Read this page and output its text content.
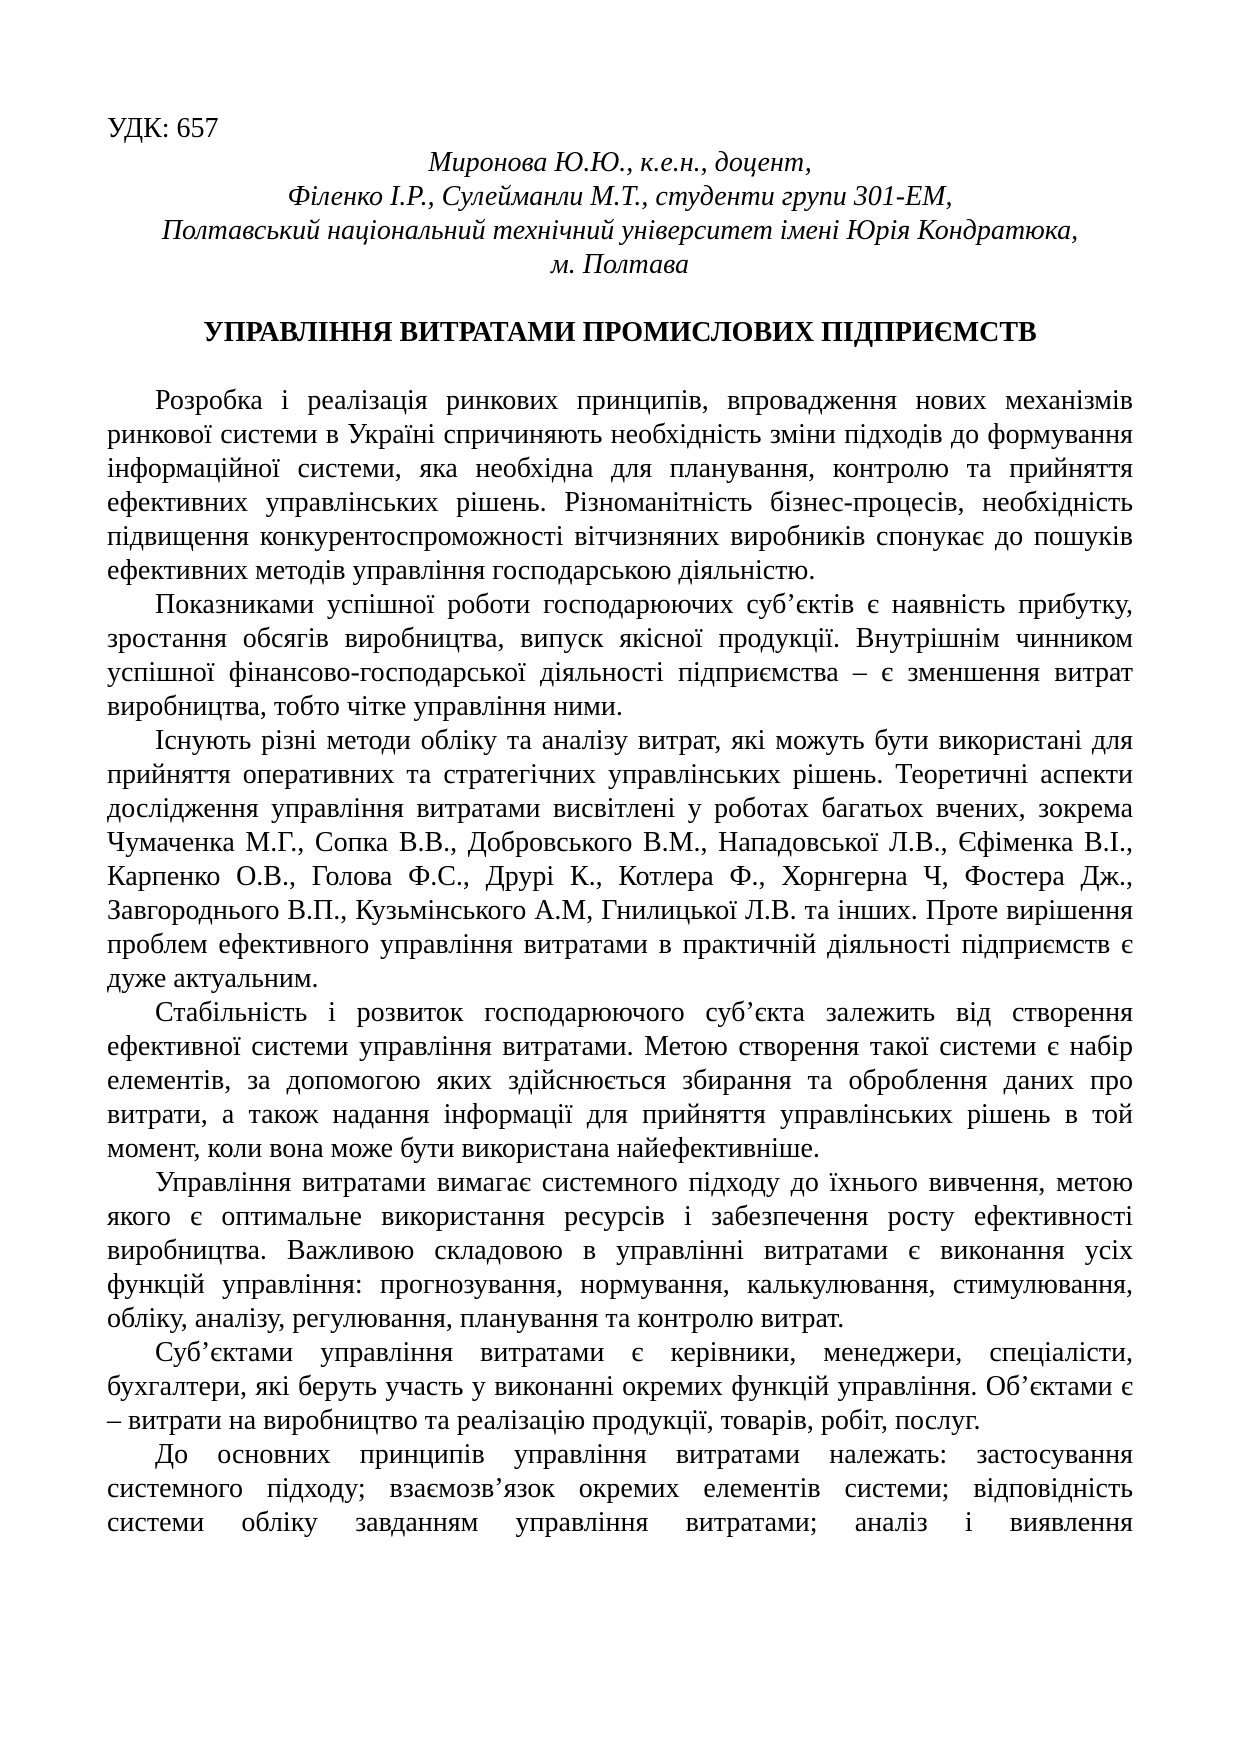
УДК: 657
Миронова Ю.Ю., к.е.н., доцент,
Філенко І.Р., Сулейманли М.Т., студенти групи 301-ЕМ,
Полтавський національний технічний університет імені Юрія Кондратюка,
м. Полтава
УПРАВЛІННЯ ВИТРАТАМИ ПРОМИСЛОВИХ ПІДПРИЄМСТВ

Розробка і реалізація ринкових принципів, впровадження нових механізмів ринкової системи в Україні спричиняють необхідність зміни підходів до формування інформаційної системи, яка необхідна для планування, контролю та прийняття ефективних управлінських рішень. Різноманітність бізнес-процесів, необхідність підвищення конкурентоспроможності вітчизняних виробників спонукає до пошуків ефективних методів управління господарською діяльністю.

Показниками успішної роботи господарюючих суб’єктів є наявність прибутку, зростання обсягів виробництва, випуск якісної продукції. Внутрішнім чинником успішної фінансово-господарської діяльності підприємства – є зменшення витрат виробництва, тобто чітке управління ними.

Існують різні методи обліку та аналізу витрат, які можуть бути використані для прийняття оперативних та стратегічних управлінських рішень. Теоретичні аспекти дослідження управління витратами висвітлені у роботах багатьох вчених, зокрема Чумаченка М.Г., Сопка В.В., Добровського В.М., Нападовської Л.В., Єфіменка В.І., Карпенко О.В., Голова Ф.С., Друрі К., Котлера Ф., Хорнгерна Ч, Фостера Дж., Завгороднього В.П., Кузьмінського А.М, Гнилицької Л.В. та інших. Проте вирішення проблем ефективного управління витратами в практичній діяльності підприємств є дуже актуальним.

Стабільність і розвиток господарюючого суб’єкта залежить від створення ефективної системи управління витратами. Метою створення такої системи є набір елементів, за допомогою яких здійснюється збирання та оброблення даних про витрати, а також надання інформації для прийняття управлінських рішень в той момент, коли вона може бути використана найефективніше.

Управління витратами вимагає системного підходу до їхнього вивчення, метою якого є оптимальне використання ресурсів і забезпечення росту ефективності виробництва. Важливою складовою в управлінні витратами є виконання усіх функцій управління: прогнозування, нормування, калькулювання, стимулювання, обліку, аналізу, регулювання, планування та контролю витрат.

Суб’єктами управління витратами є керівники, менеджери, спеціалісти, бухгалтери, які беруть участь у виконанні окремих функцій управління. Об’єктами є – витрати на виробництво та реалізацію продукції, товарів, робіт, послуг.

До основних принципів управління витратами належать: застосування системного підходу; взаємозв’язок окремих елементів системи; відповідність системи обліку завданням управління витратами; аналіз і виявлення
